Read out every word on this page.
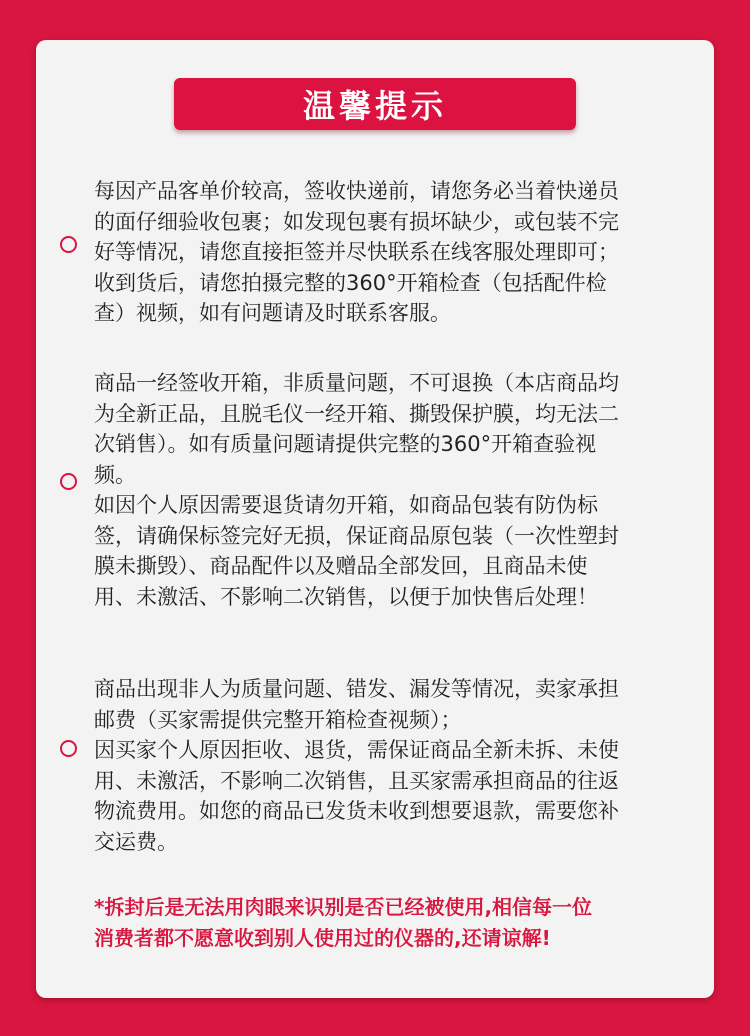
温馨提示

每因产品客单价较高，签收快递前，请您务必当着快递员
的面仔细验收包裹；如发现包裹有损坏缺少，或包装不完
好等情况，请您直接拒签并尽快联系在线客服处理即可；
收到货后，请您拍摄完整的360°开箱检查（包括配件检
查）视频，如有问题请及时联系客服。

商品一经签收开箱，非质量问题，不可退换（本店商品均
为全新正品，且脱毛仪一经开箱、撕毁保护膜，均无法二
次销售）。如有质量问题请提供完整的360°开箱查验视
频。

如因个人原因需要退货请勿开箱，如商品包装有防伪标
签，请确保标签完好无损，保证商品原包装（一次性塑封
膜未撕毁）、商品配件以及赠品全部发回，且商品未使
用、未激活、不影响二次销售，以便于加快售后处理！

商品出现非人为质量问题、错发、漏发等情况，卖家承担
邮费（买家需提供完整开箱检查视频）；

因买家个人原因拒收、退货，需保证商品全新未拆、未使
用、未激活，不影响二次销售，且买家需承担商品的往返
物流费用。如您的商品已发货未收到想要退款，需要您补
交运费。

*拆封后是无法用肉眼来识别是否已经被使用,相信每一位
消费者都不愿意收到别人使用过的仪器的,还请谅解!
